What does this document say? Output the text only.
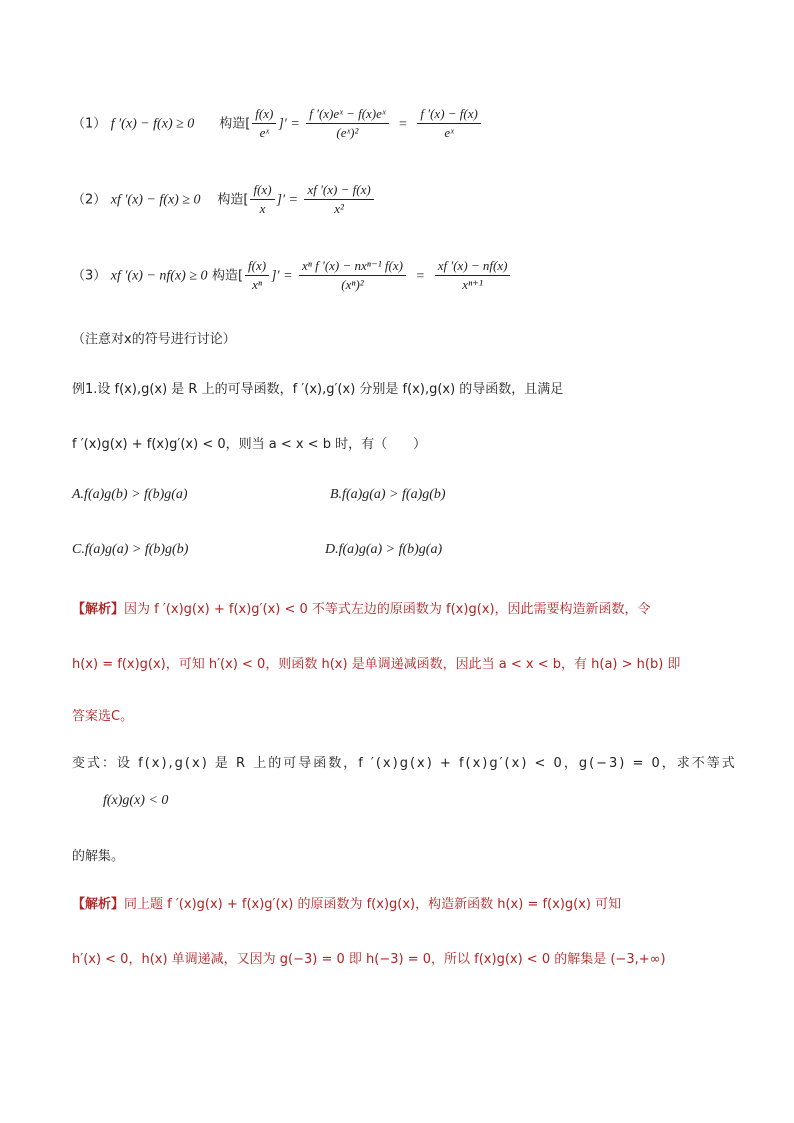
（1） f ′(x) − f(x) ≥ 0 构造[ $\frac{f(x)}{\text{eˣ}}$ ]′ = $\frac{\text{f ′(x)eˣ − f(x)eˣ}}{\text{(eˣ)²}} = \frac{f '(x) - f(x)}{\text{eˣ}}$
（2） xf ′(x) − f(x) ≥ 0 构造[ $\frac{f(x)}{x}$ ]′ = $\frac{xf '(x) - f(x)}{\text{x²}}$
（3） xf ′(x) − nf(x) ≥ 0 构造[ $\frac{f(x)}{\text{xⁿ}}$ ]′ = $\frac{\text{xⁿ f ′(x) − nxⁿ⁻¹ f(x)}}{\text{(xⁿ)²}} = \frac{xf '(x) - nf(x)}{\text{xⁿ⁺¹}}$
（注意对x的符号进行讨论）
例1.设 f(x),g(x) 是 R 上的可导函数，f ′(x),g′(x) 分别是 f(x),g(x) 的导函数，且满足
f ′(x)g(x) + f(x)g′(x) < 0，则当 a < x < b 时，有（　　）
A.f(a)g(b) > f(b)g(a)	B.f(a)g(a) > f(a)g(b)
C.f(a)g(a) > f(b)g(b)	D.f(a)g(a) > f(b)g(a)
【解析】因为 f ′(x)g(x) + f(x)g′(x) < 0 不等式左边的原函数为 f(x)g(x)，因此需要构造新函数，令
h(x) = f(x)g(x)，可知 h′(x) < 0，则函数 h(x) 是单调递减函数，因此当 a < x < b，有 h(a) > h(b) 即
答案选C。
变式：设 f(x),g(x) 是 R 上的可导函数，f ′(x)g(x) + f(x)g′(x) < 0，g(−3) = 0，求不等式
f(x)g(x) < 0
的解集。
【解析】同上题 f ′(x)g(x) + f(x)g′(x) 的原函数为 f(x)g(x)，构造新函数 h(x) = f(x)g(x) 可知
h′(x) < 0，h(x) 单调递减，又因为 g(−3) = 0 即 h(−3) = 0，所以 f(x)g(x) < 0 的解集是 (−3,+∞)
